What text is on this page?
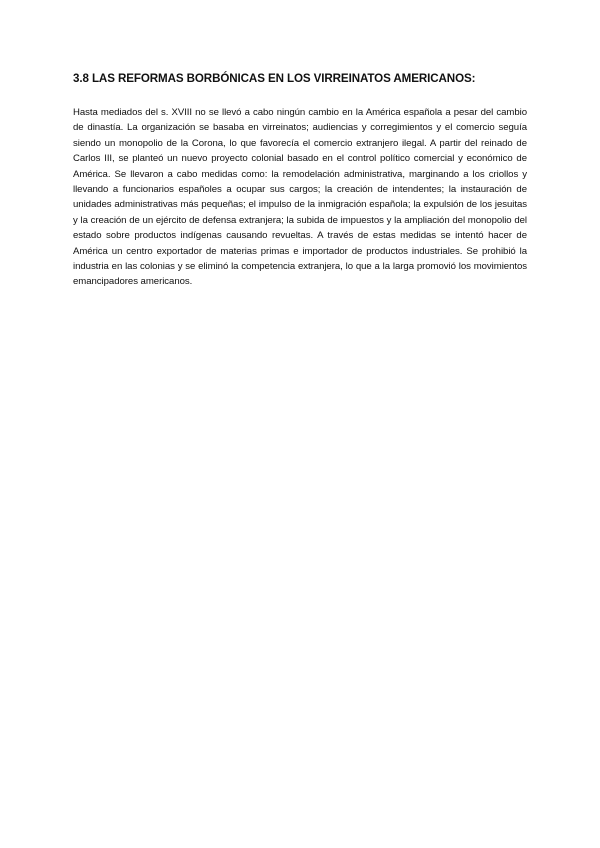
3.8 LAS REFORMAS BORBÓNICAS EN LOS VIRREINATOS AMERICANOS:

Hasta mediados del s. XVIII no se llevó a cabo ningún cambio en la América española a pesar del cambio de dinastía. La organización se basaba en virreinatos; audiencias y corregimientos y el comercio seguía siendo un monopolio de la Corona, lo que favorecía el comercio extranjero ilegal. A partir del reinado de Carlos III, se planteó un nuevo proyecto colonial basado en el control político comercial y económico de América. Se llevaron a cabo medidas como: la remodelación administrativa, marginando a los criollos y llevando a funcionarios españoles a ocupar sus cargos; la creación de intendentes; la instauración de unidades administrativas más pequeñas; el impulso de la inmigración española; la expulsión de los jesuitas y la creación de un ejército de defensa extranjera; la subida de impuestos y la ampliación del monopolio del estado sobre productos indígenas causando revueltas. A través de estas medidas se intentó hacer de América un centro exportador de materias primas e importador de productos industriales. Se prohibió la industria en las colonias y se eliminó la competencia extranjera, lo que a la larga promovió los movimientos emancipadores americanos.
